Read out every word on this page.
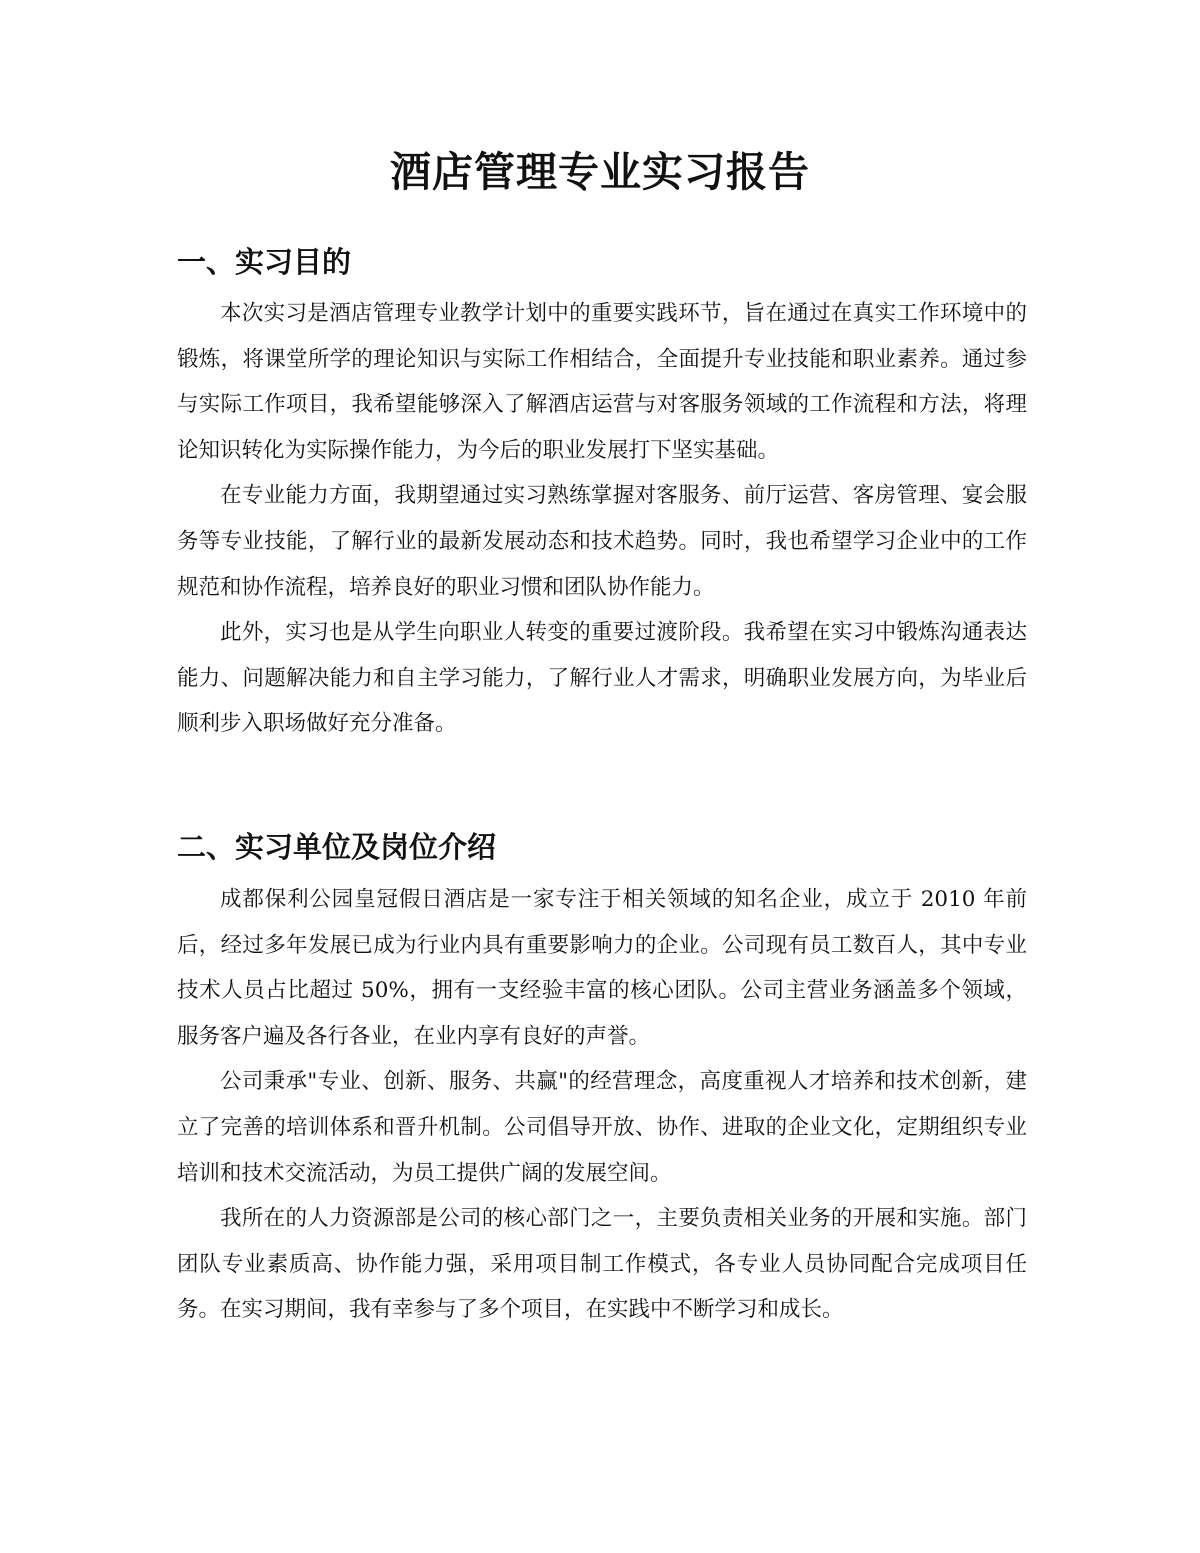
酒店管理专业实习报告
一、实习目的

本次实习是酒店管理专业教学计划中的重要实践环节，旨在通过在真实工作环境中的锻炼，将课堂所学的理论知识与实际工作相结合，全面提升专业技能和职业素养。通过参与实际工作项目，我希望能够深入了解酒店运营与对客服务领域的工作流程和方法，将理论知识转化为实际操作能力，为今后的职业发展打下坚实基础。

在专业能力方面，我期望通过实习熟练掌握对客服务、前厅运营、客房管理、宴会服务等专业技能，了解行业的最新发展动态和技术趋势。同时，我也希望学习企业中的工作规范和协作流程，培养良好的职业习惯和团队协作能力。

此外，实习也是从学生向职业人转变的重要过渡阶段。我希望在实习中锻炼沟通表达能力、问题解决能力和自主学习能力，了解行业人才需求，明确职业发展方向，为毕业后顺利步入职场做好充分准备。

二、实习单位及岗位介绍

成都保利公园皇冠假日酒店是一家专注于相关领域的知名企业，成立于 2010 年前后，经过多年发展已成为行业内具有重要影响力的企业。公司现有员工数百人，其中专业技术人员占比超过 50%，拥有一支经验丰富的核心团队。公司主营业务涵盖多个领域，服务客户遍及各行各业，在业内享有良好的声誉。

公司秉承"专业、创新、服务、共赢"的经营理念，高度重视人才培养和技术创新，建立了完善的培训体系和晋升机制。公司倡导开放、协作、进取的企业文化，定期组织专业培训和技术交流活动，为员工提供广阔的发展空间。

我所在的人力资源部是公司的核心部门之一，主要负责相关业务的开展和实施。部门团队专业素质高、协作能力强，采用项目制工作模式，各专业人员协同配合完成项目任务。在实习期间，我有幸参与了多个项目，在实践中不断学习和成长。
